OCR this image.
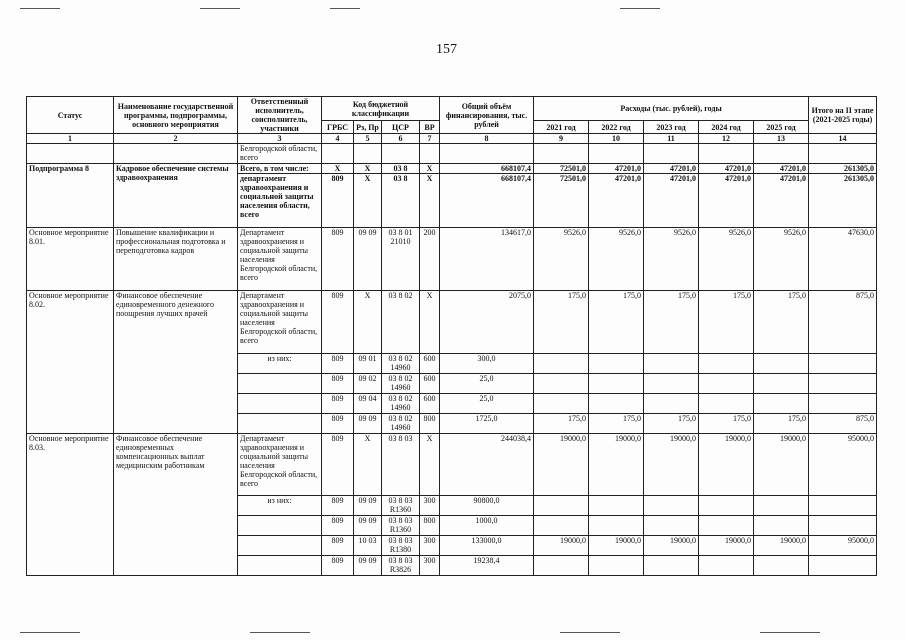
157
Статус	Наименование государственной программы, подпрограммы, основного мероприятия	Ответственный исполнитель, соисполнитель, участники	Код бюджетной классификации				Общий объём финансирования, тыс. рублей	Расходы (тыс. рублей), годы					Итого на II этапе (2021-2025 годы)
			ГРБС	Рз, Пр	ЦСР	ВР		2021 год	2022 год	2023 год	2024 год	2025 год	
1	2	3	4	5	6	7	8	9	10	11	12	13	14
		Белгородской области, всего											
Подпрограмма 8	Кадровое обеспечение системы здравоохранения	Всего, в том числе:	X	X	03 8	X	668107,4	72501,0	47201,0	47201,0	47201,0	47201,0	261305,0
		департамент здравоохранения и социальной защиты населения области, всего	809	X	03 8	X	668107,4	72501,0	47201,0	47201,0	47201,0	47201,0	261305,0
Основное мероприятие 8.01.	Повышение квалификации и профессиональная подготовка и переподготовка кадров	Департамент здравоохранения и социальной защиты населения Белгородской области, всего	809	09 09	03 8 01 21010	200	134617,0	9526,0	9526,0	9526,0	9526,0	9526,0	47630,0
Основное мероприятие 8.02.	Финансовое обеспечение единовременного денежного поощрения лучших врачей	Департамент здравоохранения и социальной защиты населения Белгородской области, всего	809	X	03 8 02	X	2075,0	175,0	175,0	175,0	175,0	175,0	875,0
		из них:	809	09 01	03 8 02 14960	600	300,0						
			809	09 02	03 8 02 14960	600	25,0						
			809	09 04	03 8 02 14960	600	25,0						
			809	09 09	03 8 02 14960	800	1725,0	175,0	175,0	175,0	175,0	175,0	875,0
Основное мероприятие 8.03.	Финансовое обеспечение единовременных компенсационных выплат медицинским работникам	Департамент здравоохранения и социальной защиты населения Белгородской области, всего	809	X	03 8 03	X	244038,4	19000,0	19000,0	19000,0	19000,0	19000,0	95000,0
		из них:	809	09 09	03 8 03 R1360	300	90800,0						
			809	09 09	03 8 03 R1360	800	1000,0						
			809	10 03	03 8 03 R1380	300	133000,0	19000,0	19000,0	19000,0	19000,0	19000,0	95000,0
			809	09 09	03 8 03 R3826	300	19238,4						
